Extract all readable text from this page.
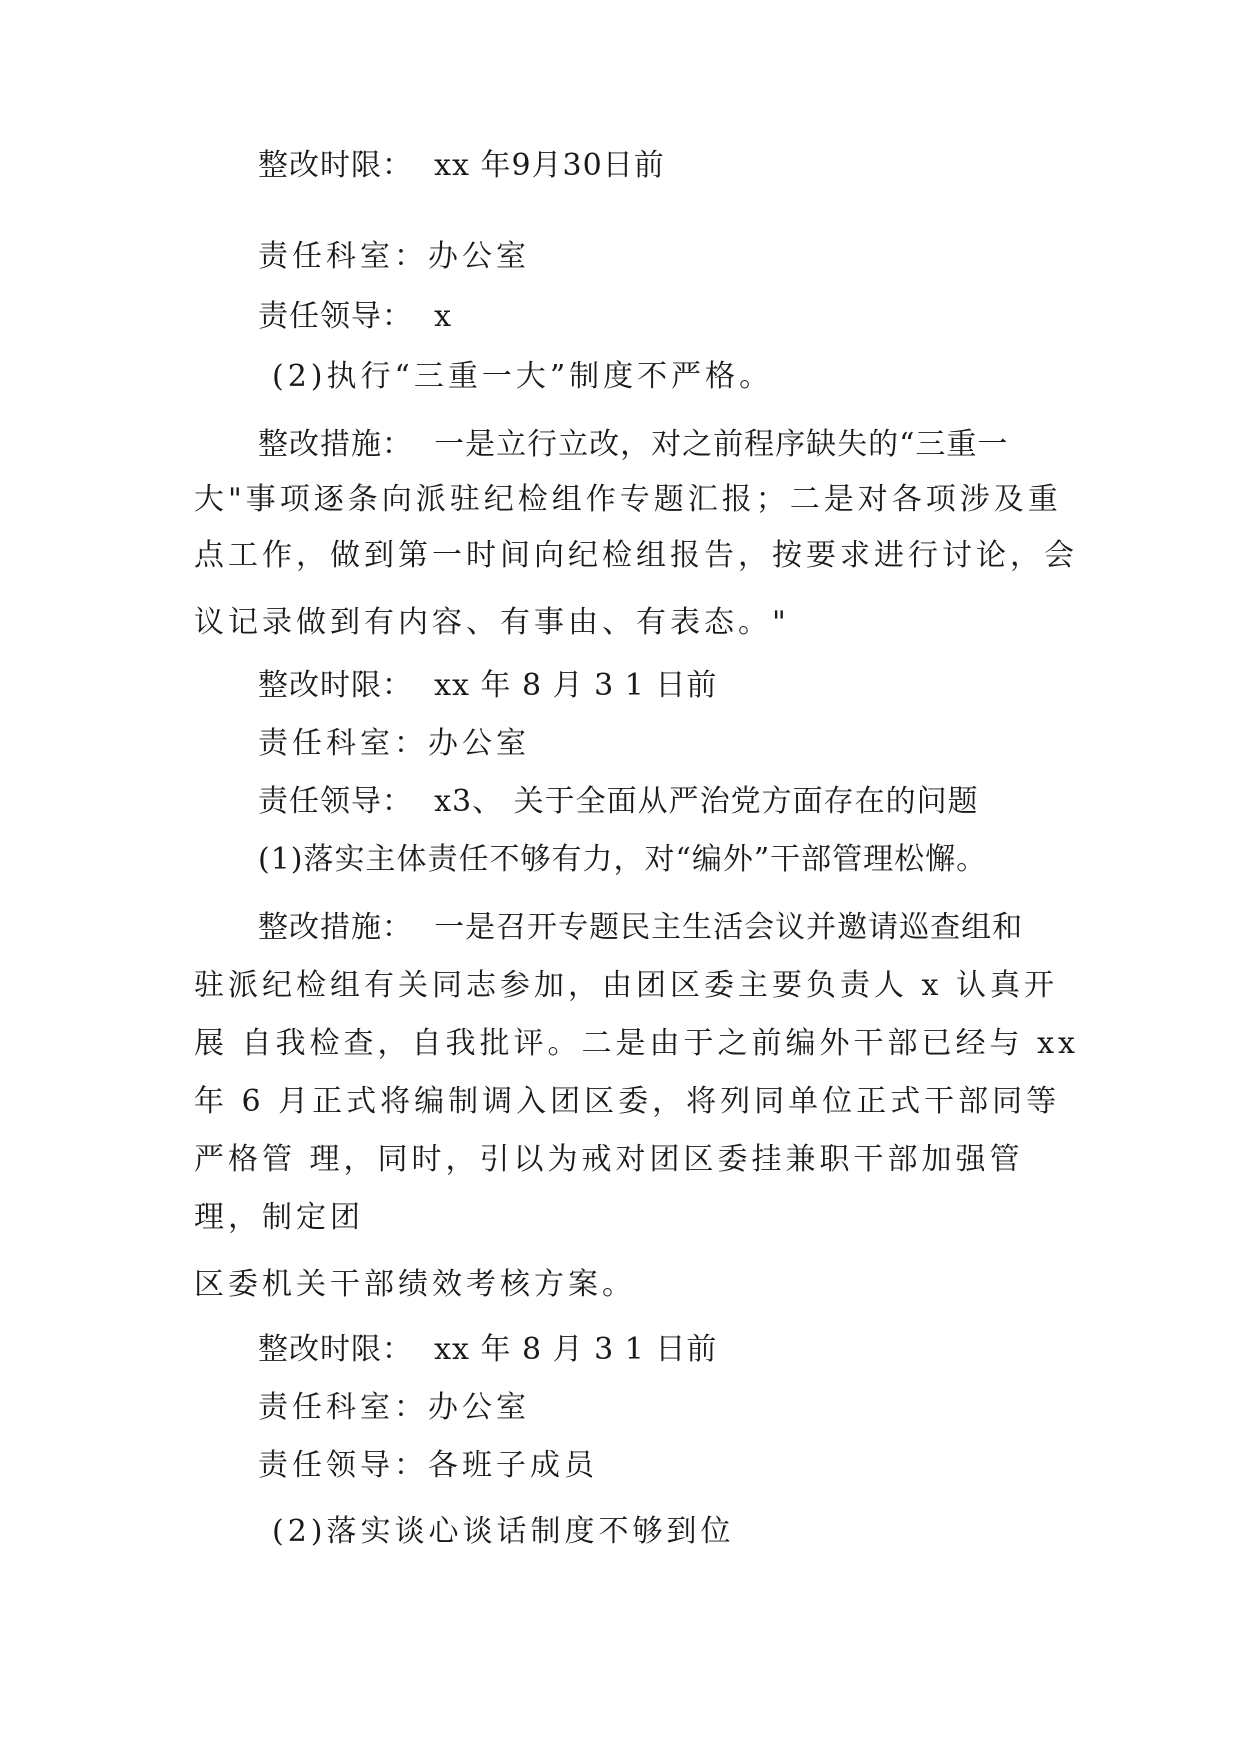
整改时限：  xx 年9月30日前
责任科室：办公室
责任领导：  x
(2)执行“三重一大”制度不严格。
整改措施：  一是立行立改，对之前程序缺失的“三重一
大"事项逐条向派驻纪检组作专题汇报；二是对各项涉及重
点工作，做到第一时间向纪检组报告，按要求进行讨论，会
议记录做到有内容、有事由、有表态。"
整改时限：  xx 年 8 月 3 1 日前
责任科室：办公室
责任领导：  x3、 关于全面从严治党方面存在的问题
(1)落实主体责任不够有力，对“编外”干部管理松懈。
整改措施：  一是召开专题民主生活会议并邀请巡查组和
驻派纪检组有关同志参加，由团区委主要负责人 x 认真开
展 自我检查，自我批评。二是由于之前编外干部已经与 xx
年 6 月正式将编制调入团区委，将列同单位正式干部同等
严格管 理，同时，引以为戒对团区委挂兼职干部加强管
理，制定团
区委机关干部绩效考核方案。
整改时限：  xx 年 8 月 3 1 日前
责任科室：办公室
责任领导：各班子成员
(2)落实谈心谈话制度不够到位
